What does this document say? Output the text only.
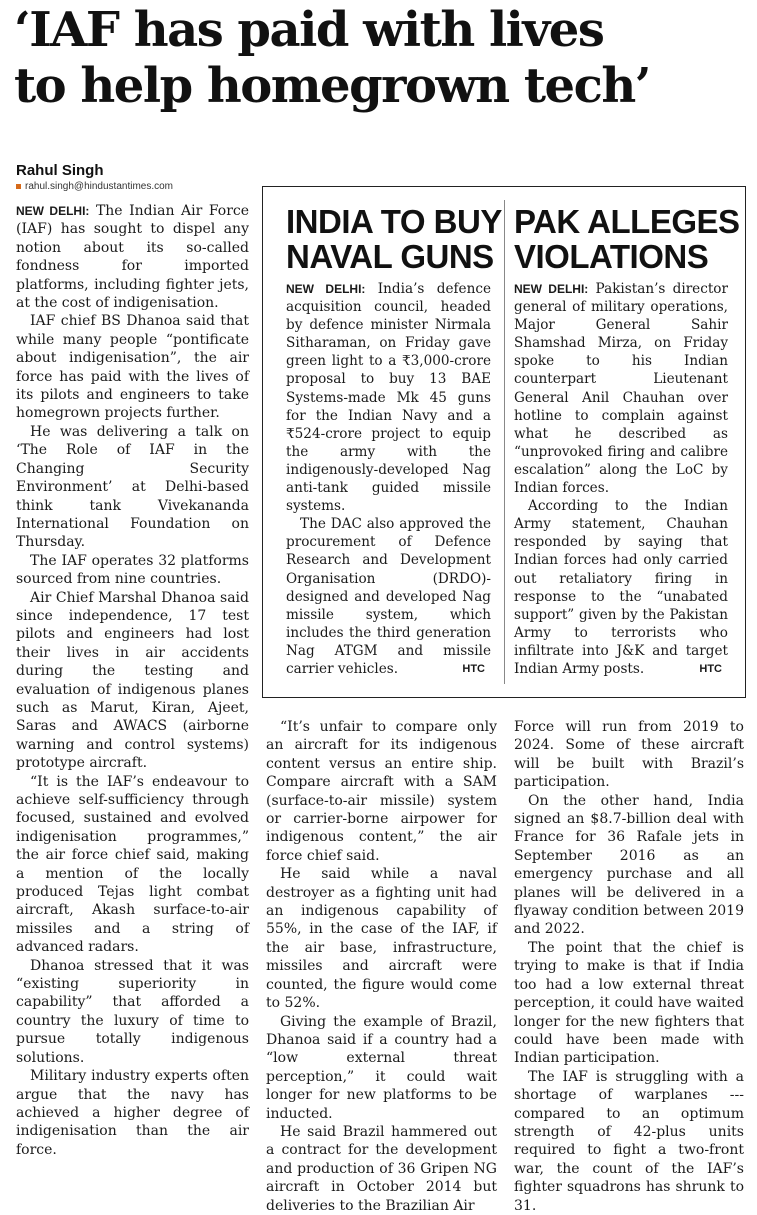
‘IAF has paid with lives
to help homegrown tech’
Rahul Singh
rahul.singh@hindustantimes.com

NEW DELHI: The Indian Air Force (IAF) has sought to dispel any notion about its so-called fondness for imported platforms, including fighter jets, at the cost of indigenisation.

IAF chief BS Dhanoa said that while many people “pontificate about indigenisation”, the air force has paid with the lives of its pilots and engineers to take homegrown projects further.

He was delivering a talk on ‘The Role of IAF in the Changing Security Environment’ at Delhi-based think tank Vivekananda International Foundation on Thursday.

The IAF operates 32 platforms sourced from nine countries.

Air Chief Marshal Dhanoa said since independence, 17 test pilots and engineers had lost their lives in air accidents during the testing and evaluation of indigenous planes such as Marut, Kiran, Ajeet, Saras and AWACS (airborne warning and control systems) prototype aircraft.

“It is the IAF’s endeavour to achieve self-sufficiency through focused, sustained and evolved indigenisation programmes,” the air force chief said, making a mention of the locally produced Tejas light combat aircraft, Akash surface-to-air missiles and a string of advanced radars.

Dhanoa stressed that it was “existing superiority in capability” that afforded a country the luxury of time to pursue totally indigenous solutions.

Military industry experts often argue that the navy has achieved a higher degree of indigenisation than the air force.

INDIA TO BUY
NAVAL GUNS

NEW DELHI: India’s defence acquisition council, headed by defence minister Nirmala Sitharaman, on Friday gave green light to a ₹3,000-crore proposal to buy 13 BAE Systems-made Mk 45 guns for the Indian Navy and a ₹524-crore project to equip the army with the indigenously-developed Nag anti-tank guided missile systems.

The DAC also approved the procurement of Defence Research and Development Organisation (DRDO)-designed and developed Nag missile system, which includes the third generation Nag ATGM and missile carrier vehicles.	HTC

PAK ALLEGES
VIOLATIONS

NEW DELHI: Pakistan’s director general of military operations, Major General Sahir Shamshad Mirza, on Friday spoke to his Indian counterpart Lieutenant General Anil Chauhan over hotline to complain against what he described as “unprovoked firing and calibre escalation” along the LoC by Indian forces.

According to the Indian Army statement, Chauhan responded by saying that Indian forces had only carried out retaliatory firing in response to the “unabated support” given by the Pakistan Army to terrorists who infiltrate into J&K and target Indian Army posts.	HTC

“It’s unfair to compare only an aircraft for its indigenous content versus an entire ship. Compare aircraft with a SAM (surface-to-air missile) system or carrier-borne airpower for indigenous content,” the air force chief said.

He said while a naval destroyer as a fighting unit had an indigenous capability of 55%, in the case of the IAF, if the air base, infrastructure, missiles and aircraft were counted, the figure would come to 52%.

Giving the example of Brazil, Dhanoa said if a country had a “low external threat perception,” it could wait longer for new platforms to be inducted.

He said Brazil hammered out a contract for the development and production of 36 Gripen NG aircraft in October 2014 but deliveries to the Brazilian Air

Force will run from 2019 to 2024. Some of these aircraft will be built with Brazil’s participation.

On the other hand, India signed an $8.7-billion deal with France for 36 Rafale jets in September 2016 as an emergency purchase and all planes will be delivered in a flyaway condition between 2019 and 2022.

The point that the chief is trying to make is that if India too had a low external threat perception, it could have waited longer for the new fighters that could have been made with Indian participation.

The IAF is struggling with a shortage of warplanes --- compared to an optimum strength of 42-plus units required to fight a two-front war, the count of the IAF’s fighter squadrons has shrunk to 31.
